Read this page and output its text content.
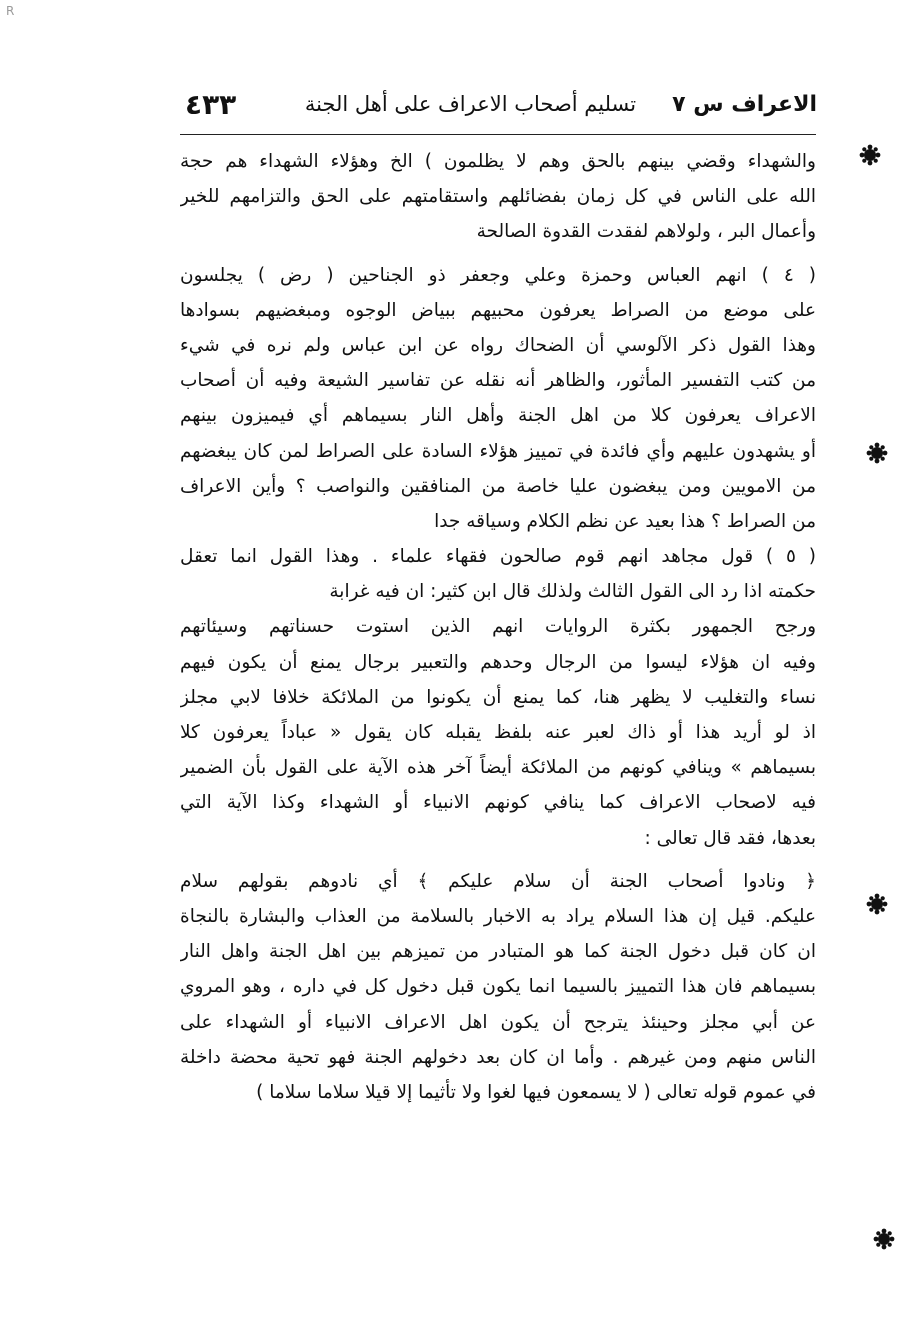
R
الاعراف س ٧
تسليم أصحاب الاعراف على أهل الجنة
٤٣٣
والشهداء وقضي بينهم بالحق وهم لا يظلمون ) الخ وهؤلاء الشهداء هم حجة
الله على الناس في كل زمان بفضائلهم واستقامتهم على الحق والتزامهم للخير
وأعمال البر ، ولولاهم لفقدت القدوة الصالحة
( ٤ ) انهم العباس وحمزة وعلي وجعفر ذو الجناحين ( رض ) يجلسون
على موضع من الصراط يعرفون محبيهم ببياض الوجوه ومبغضيهم بسوادها
وهذا القول ذكر الآلوسي أن الضحاك رواه عن ابن عباس ولم نره في شيء
من كتب التفسير المأثور، والظاهر أنه نقله عن تفاسير الشيعة وفيه أن أصحاب
الاعراف يعرفون كلا من اهل الجنة وأهل النار بسيماهم أي فيميزون بينهم
أو يشهدون عليهم وأي فائدة في تمييز هؤلاء السادة على الصراط لمن كان يبغضهم
من الامويين ومن يبغضون عليا خاصة من المنافقين والنواصب ؟ وأين الاعراف
من الصراط ؟ هذا بعيد عن نظم الكلام وسياقه جدا
( ٥ ) قول مجاهد انهم قوم صالحون فقهاء علماء . وهذا القول انما تعقل
حكمته اذا رد الى القول الثالث ولذلك قال ابن كثير: ان فيه غرابة
ورجح الجمهور بكثرة الروايات انهم الذين استوت حسناتهم وسيئاتهم
وفيه ان هؤلاء ليسوا من الرجال وحدهم والتعبير برجال يمنع أن يكون فيهم
نساء والتغليب لا يظهر هنا، كما يمنع أن يكونوا من الملائكة خلافا لابي مجلز
اذ لو أريد هذا أو ذاك لعبر عنه بلفظ يقبله كان يقول « عباداً يعرفون كلا
بسيماهم » وينافي كونهم من الملائكة أيضاً آخر هذه الآية على القول بأن الضمير
فيه لاصحاب الاعراف كما ينافي كونهم الانبياء أو الشهداء وكذا الآية التي
بعدها، فقد قال تعالى :
﴿ ونادوا أصحاب الجنة أن سلام عليكم ﴾ أي نادوهم بقولهم سلام
عليكم. قيل إن هذا السلام يراد به الاخبار بالسلامة من العذاب والبشارة بالنجاة
ان كان قبل دخول الجنة كما هو المتبادر من تميزهم بين اهل الجنة واهل النار
بسيماهم فان هذا التمييز بالسيما انما يكون قبل دخول كل في داره ، وهو المروي
عن أبي مجلز وحينئذ يترجح أن يكون اهل الاعراف الانبياء أو الشهداء على
الناس منهم ومن غيرهم . وأما ان كان بعد دخولهم الجنة فهو تحية محضة داخلة
في عموم قوله تعالى ( لا يسمعون فيها لغوا ولا تأثيما إلا قيلا سلاما سلاما )
